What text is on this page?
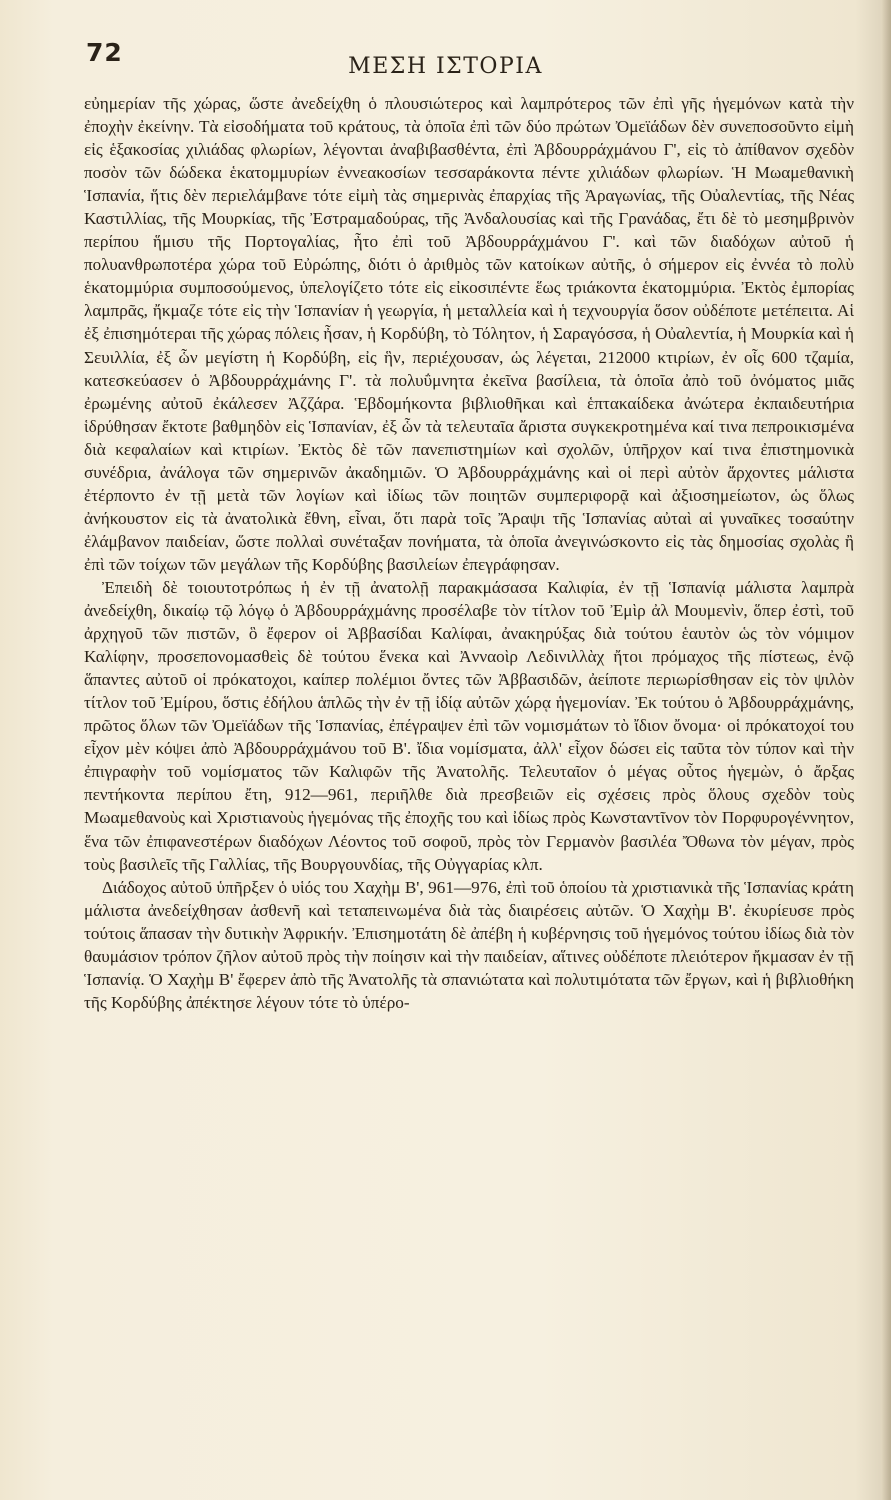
72	ΜΕΣΗ ΙΣΤΟΡΙΑ

εὐημερίαν τῆς χώρας, ὥστε ἀνεδείχθη ὁ πλουσιώτερος καὶ λαμπρότερος τῶν ἐπὶ γῆς ἡγεμόνων κατὰ τὴν ἐποχὴν ἐκείνην. Τὰ εἰσοδήματα τοῦ κράτους, τὰ ὁποῖα ἐπὶ τῶν δύο πρώτων Ὀμεϊάδων δὲν συνεποσοῦντο εἰμὴ εἰς ἑξακοσίας χιλιάδας φλωρίων, λέγονται ἀναβιβασθέντα, ἐπὶ Ἀβδουρράχμάνου Γ', εἰς τὸ ἀπίθανον σχεδὸν ποσὸν τῶν δώδεκα ἑκατομμυρίων ἐννεακοσίων τεσσαράκοντα πέντε χιλιάδων φλωρίων. Ἡ Μωαμεθανικὴ Ἱσπανία, ἥτις δὲν περιελάμβανε τότε εἰμὴ τὰς σημερινὰς ἐπαρχίας τῆς Ἀραγωνίας, τῆς Οὐαλεντίας, τῆς Νέας Καστιλλίας, τῆς Μουρκίας, τῆς Ἐστραμαδούρας, τῆς Ἀνδαλουσίας καὶ τῆς Γρανάδας, ἔτι δὲ τὸ μεσημβρινὸν περίπου ἥμισυ τῆς Πορτογαλίας, ἦτο ἐπὶ τοῦ Ἀβδουρράχμάνου Γ'. καὶ τῶν διαδόχων αὐτοῦ ἡ πολυανθρωποτέρα χώρα τοῦ Εὐρώπης, διότι ὁ ἀριθμὸς τῶν κατοίκων αὐτῆς, ὁ σήμερον εἰς ἐννέα τὸ πολὺ ἑκατομμύρια συμποσούμενος, ὑπελογίζετο τότε εἰς εἰκοσιπέντε ἕως τριάκοντα ἑκατομμύρια. Ἐκτὸς ἐμπορίας λαμπρᾶς, ἤκμαζε τότε εἰς τὴν Ἱσπανίαν ἡ γεωργία, ἡ μεταλλεία καὶ ἡ τεχνουργία ὅσον οὐδέποτε μετέπειτα. Αἱ ἐξ ἐπισημότεραι τῆς χώρας πόλεις ἦσαν, ἡ Κορδύβη, τὸ Τόλητον, ἡ Σαραγόσσα, ἡ Οὐαλεντία, ἡ Μουρκία καὶ ἡ Σευιλλία, ἐξ ὧν μεγίστη ἡ Κορδύβη, εἰς ἣν, περιέχουσαν, ὡς λέγεται, 212000 κτιρίων, ἐν οἷς 600 τζαμία, κατεσκεύασεν ὁ Ἀβδουρράχμάνης Γ'. τὰ πολυΰμνητα ἐκεῖνα βασίλεια, τὰ ὁποῖα ἀπὸ τοῦ ὀνόματος μιᾶς ἐρωμένης αὐτοῦ ἐκάλεσεν Ἀζζάρα. Ἑβδομήκοντα βιβλιοθῆκαι καὶ ἑπτακαίδεκα ἀνώτερα ἐκπαιδευτήρια ἱδρύθησαν ἔκτοτε βαθμηδὸν εἰς Ἱσπανίαν, ἐξ ὧν τὰ τελευταῖα ἄριστα συγκεκροτημένα καί τινα πεπροικισμένα διὰ κεφαλαίων καὶ κτιρίων. Ἐκτὸς δὲ τῶν πανεπιστημίων καὶ σχολῶν, ὑπῆρχον καί τινα ἐπιστημονικὰ συνέδρια, ἀνάλογα τῶν σημερινῶν ἀκαδημιῶν. Ὁ Ἀβδουρράχμάνης καὶ οἱ περὶ αὐτὸν ἄρχοντες μάλιστα ἐτέρποντο ἐν τῇ μετὰ τῶν λογίων καὶ ἰδίως τῶν ποιητῶν συμπεριφορᾷ καὶ ἀξιοσημείωτον, ὡς ὅλως ἀνήκουστον εἰς τὰ ἀνατολικὰ ἔθνη, εἶναι, ὅτι παρὰ τοῖς Ἄραψι τῆς Ἱσπανίας αὐταὶ αἱ γυναῖκες τοσαύτην ἐλάμβανον παιδείαν, ὥστε πολλαὶ συνέταξαν πονήματα, τὰ ὁποῖα ἀνεγινώσκοντο εἰς τὰς δημοσίας σχολὰς ἢ ἐπὶ τῶν τοίχων τῶν μεγάλων τῆς Κορδύβης βασιλείων ἐπεγράφησαν.

Ἐπειδὴ δὲ τοιουτοτρόπως ἡ ἐν τῇ ἀνατολῇ παρακμάσασα Καλιφία, ἐν τῇ Ἱσπανίᾳ μάλιστα λαμπρὰ ἀνεδείχθη, δικαίῳ τῷ λόγῳ ὁ Ἀβδουρράχμάνης προσέλαβε τὸν τίτλον τοῦ Ἐμὶρ ἀλ Μουμενὶν, ὅπερ ἐστὶ, τοῦ ἀρχηγοῦ τῶν πιστῶν, ὃ ἔφερον οἱ Ἀββασίδαι Καλίφαι, ἀνακηρύξας διὰ τούτου ἑαυτὸν ὡς τὸν νόμιμον Καλίφην, προσεπονομασθεὶς δὲ τούτου ἕνεκα καὶ Ἀνναοὶρ Λεδινιλλὰχ ἤτοι πρόμαχος τῆς πίστεως, ἐνῷ ἅπαντες αὐτοῦ οἱ πρόκατοχοι, καίπερ πολέμιοι ὄντες τῶν Ἀββασιδῶν, ἀείποτε περιωρίσθησαν εἰς τὸν ψιλὸν τίτλον τοῦ Ἐμίρου, ὅστις ἐδήλου ἁπλῶς τὴν ἐν τῇ ἰδίᾳ αὐτῶν χώρᾳ ἡγεμονίαν. Ἐκ τούτου ὁ Ἀβδουρράχμάνης, πρῶτος ὅλων τῶν Ὀμεϊάδων τῆς Ἱσπανίας, ἐπέγραψεν ἐπὶ τῶν νομισμάτων τὸ ἴδιον ὄνομα· οἱ πρόκατοχοί του εἶχον μὲν κόψει ἀπὸ Ἀβδουρράχμάνου τοῦ Β'. ἴδια νομίσματα, ἀλλ' εἶχον δώσει εἰς ταῦτα τὸν τύπον καὶ τὴν ἐπιγραφὴν τοῦ νομίσματος τῶν Καλιφῶν τῆς Ἀνατολῆς. Τελευταῖον ὁ μέγας οὗτος ἡγεμὼν, ὁ ἄρξας πεντήκοντα περίπου ἔτη, 912—961, περιῆλθε διὰ πρεσβειῶν εἰς σχέσεις πρὸς ὅλους σχεδὸν τοὺς Μωαμεθανοὺς καὶ Χριστιανοὺς ἡγεμόνας τῆς ἐποχῆς του καὶ ἰδίως πρὸς Κωνσταντῖνον τὸν Πορφυρογέννητον, ἕνα τῶν ἐπιφανεστέρων διαδόχων Λέοντος τοῦ σοφοῦ, πρὸς τὸν Γερμανὸν βασιλέα Ὄθωνα τὸν μέγαν, πρὸς τοὺς βασιλεῖς τῆς Γαλλίας, τῆς Βουργουνδίας, τῆς Οὐγγαρίας κλπ.

Διάδοχος αὐτοῦ ὑπῆρξεν ὁ υἱός του Χαχὴμ Β', 961—976, ἐπὶ τοῦ ὁποίου τὰ χριστιανικὰ τῆς Ἱσπανίας κράτη μάλιστα ἀνεδείχθησαν ἀσθενῆ καὶ τεταπεινωμένα διὰ τὰς διαιρέσεις αὐτῶν. Ὁ Χαχὴμ Β'. ἐκυρίευσε πρὸς τούτοις ἅπασαν τὴν δυτικὴν Ἀφρικήν. Ἐπισημοτάτη δὲ ἀπέβη ἡ κυβέρνησις τοῦ ἡγεμόνος τούτου ἰδίως διὰ τὸν θαυμάσιον τρόπον ζῆλον αὐτοῦ πρὸς τὴν ποίησιν καὶ τὴν παιδείαν, αἵτινες οὐδέποτε πλειότερον ἤκμασαν ἐν τῇ Ἱσπανίᾳ. Ὁ Χαχὴμ Β' ἔφερεν ἀπὸ τῆς Ἀνατολῆς τὰ σπανιώτατα καὶ πολυτιμότατα τῶν ἔργων, καὶ ἡ βιβλιοθήκη τῆς Κορδύβης ἀπέκτησε λέγουν τότε τὸ ὑπέρο-
